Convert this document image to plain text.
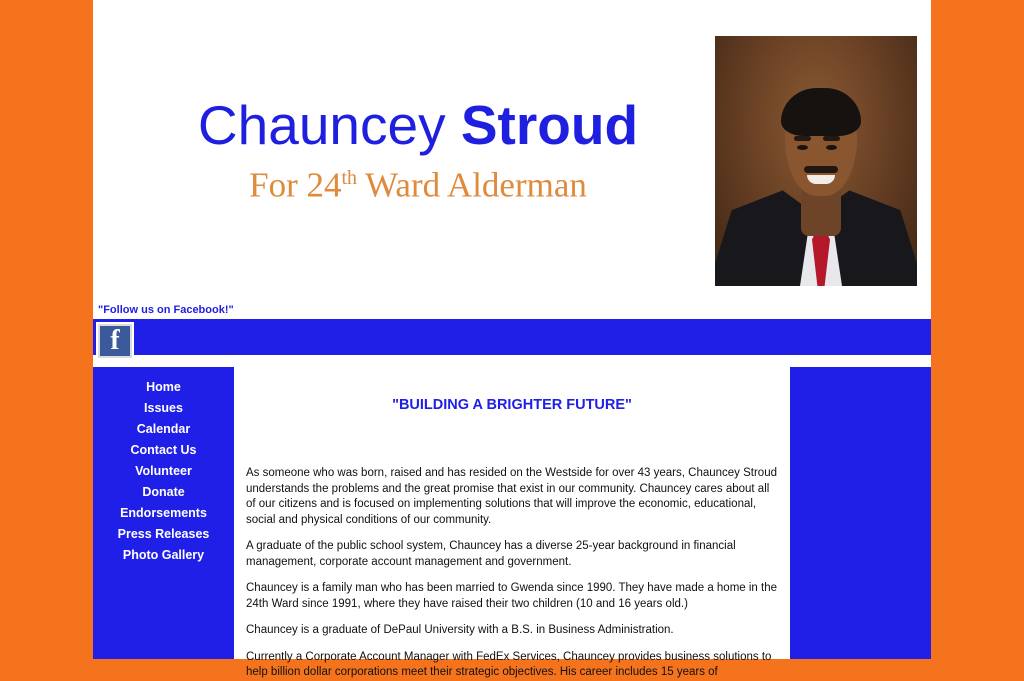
Chauncey Stroud
For 24th Ward Alderman
"Follow us on Facebook!"
f
Home
Issues
Calendar
Contact Us
Volunteer
Donate
Endorsements
Press Releases
Photo Gallery
"BUILDING A BRIGHTER FUTURE"

As someone who was born, raised and has resided on the Westside for over 43 years, Chauncey Stroud understands the problems and the great promise that exist in our community. Chauncey cares about all of our citizens and is focused on implementing solutions that will improve the economic, educational, social and physical conditions of our community.

A graduate of the public school system, Chauncey has a diverse 25-year background in financial management, corporate account management and government.

Chauncey is a family man who has been married to Gwenda since 1990. They have made a home in the 24th Ward since 1991, where they have raised their two children (10 and 16 years old.)

Chauncey is a graduate of DePaul University with a B.S. in Business Administration.

Currently a Corporate Account Manager with FedEx Services, Chauncey provides business solutions to help billion dollar corporations meet their strategic objectives. His career includes 15 years of
